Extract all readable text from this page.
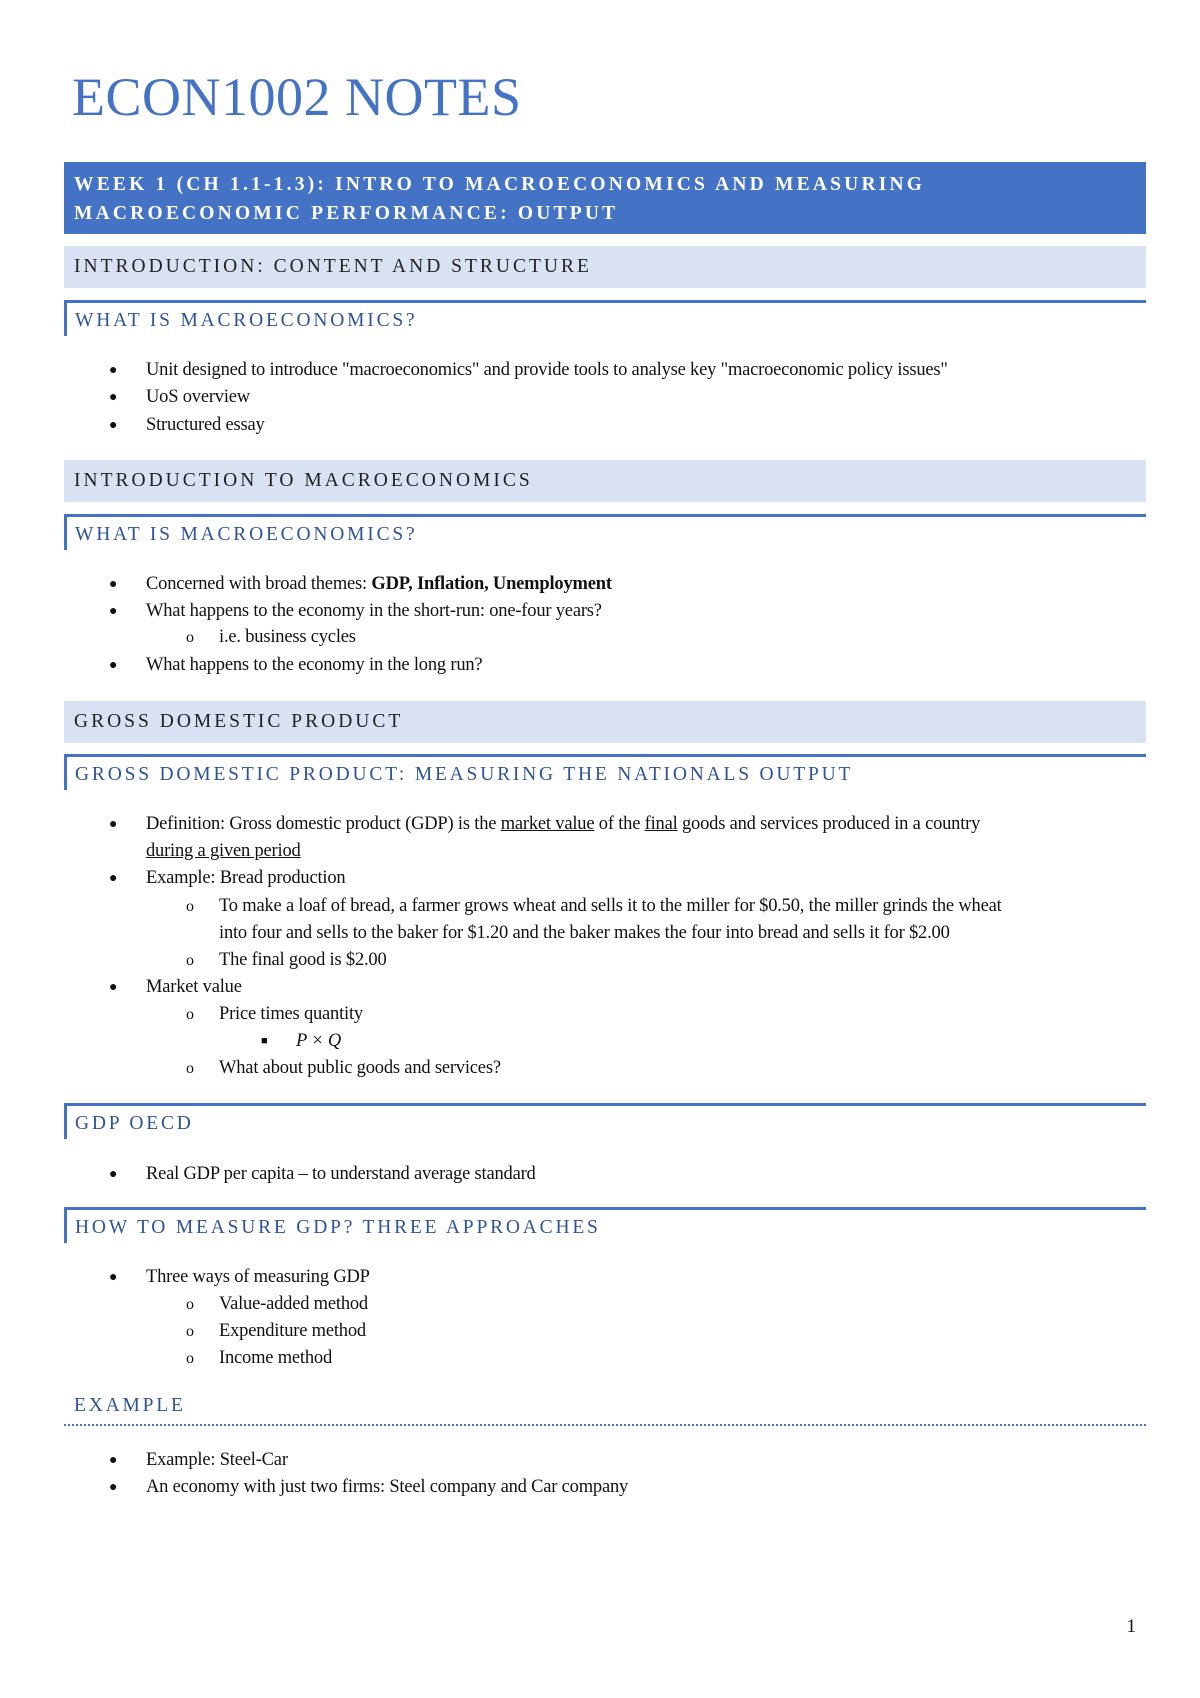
ECON1002 NOTES
WEEK 1 (CH 1.1-1.3): INTRO TO MACROECONOMICS AND MEASURING
MACROECONOMIC PERFORMANCE: OUTPUT
INTRODUCTION: CONTENT AND STRUCTURE
WHAT IS MACROECONOMICS?
● Unit designed to introduce "macroeconomics" and provide tools to analyse key "macroeconomic policy issues"
● UoS overview
● Structured essay
INTRODUCTION TO MACROECONOMICS
WHAT IS MACROECONOMICS?
● Concerned with broad themes: GDP, Inflation, Unemployment
● What happens to the economy in the short-run: one-four years?
o i.e. business cycles
● What happens to the economy in the long run?
GROSS DOMESTIC PRODUCT
GROSS DOMESTIC PRODUCT: MEASURING THE NATIONALS OUTPUT
● Definition: Gross domestic product (GDP) is the market value of the final goods and services produced in a country
during a given period
● Example: Bread production
o To make a loaf of bread, a farmer grows wheat and sells it to the miller for $0.50, the miller grinds the wheat
into four and sells to the baker for $1.20 and the baker makes the four into bread and sells it for $2.00
o The final good is $2.00
● Market value
o Price times quantity
■ P × Q
o What about public goods and services?
GDP OECD
● Real GDP per capita – to understand average standard
HOW TO MEASURE GDP? THREE APPROACHES
● Three ways of measuring GDP
o Value-added method
o Expenditure method
o Income method
EXAMPLE
● Example: Steel-Car
● An economy with just two firms: Steel company and Car company
1
